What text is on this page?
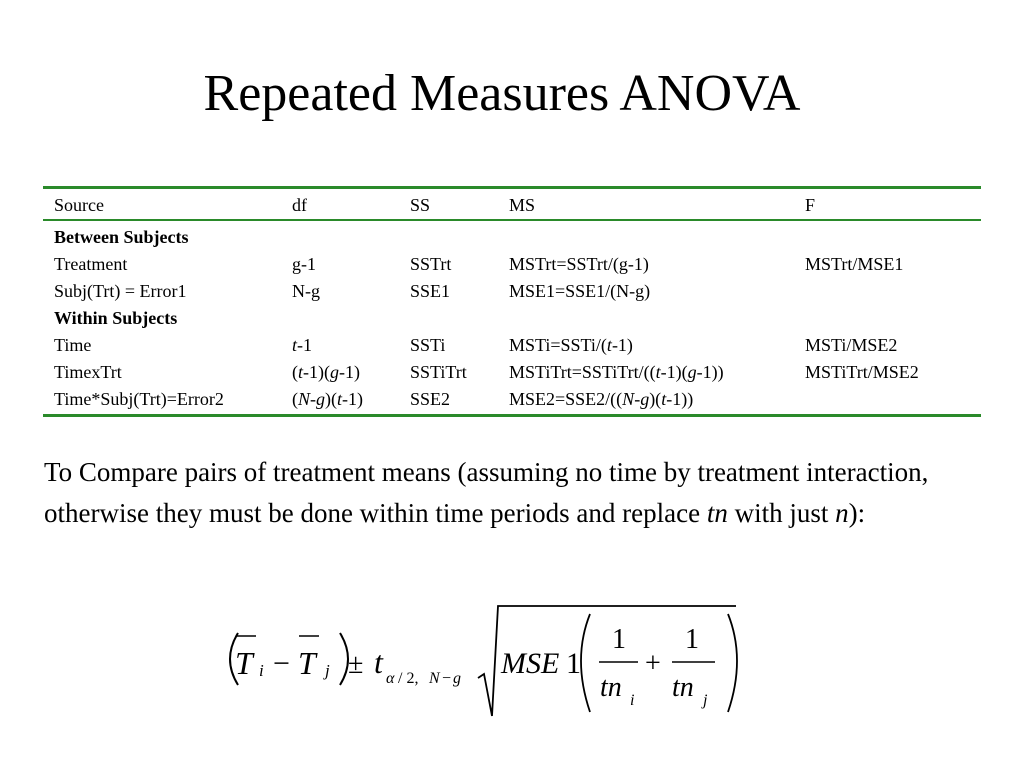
Repeated Measures ANOVA
Source	df	SS	MS	F
Between Subjects				
Treatment	g-1	SSTrt	MSTrt=SSTrt/(g-1)	MSTrt/MSE1
Subj(Trt) = Error1	N-g	SSE1	MSE1=SSE1/(N-g)	
Within Subjects				
Time	t-1	SSTi	MSTi=SSTi/(t-1)	MSTi/MSE2
TimexTrt	(t-1)(g-1)	SSTiTrt	MSTiTrt=SSTiTrt/((t-1)(g-1))	MSTiTrt/MSE2
Time*Subj(Trt)=Error2	(N-g)(t-1)	SSE2	MSE2=SSE2/((N-g)(t-1))	
To Compare pairs of treatment means (assuming no time by treatment interaction, otherwise they must be done within time periods and replace tn with just n):
T i − T j ± t α / 2, N − g MSE 1
1
tn i
+
1
tn j
